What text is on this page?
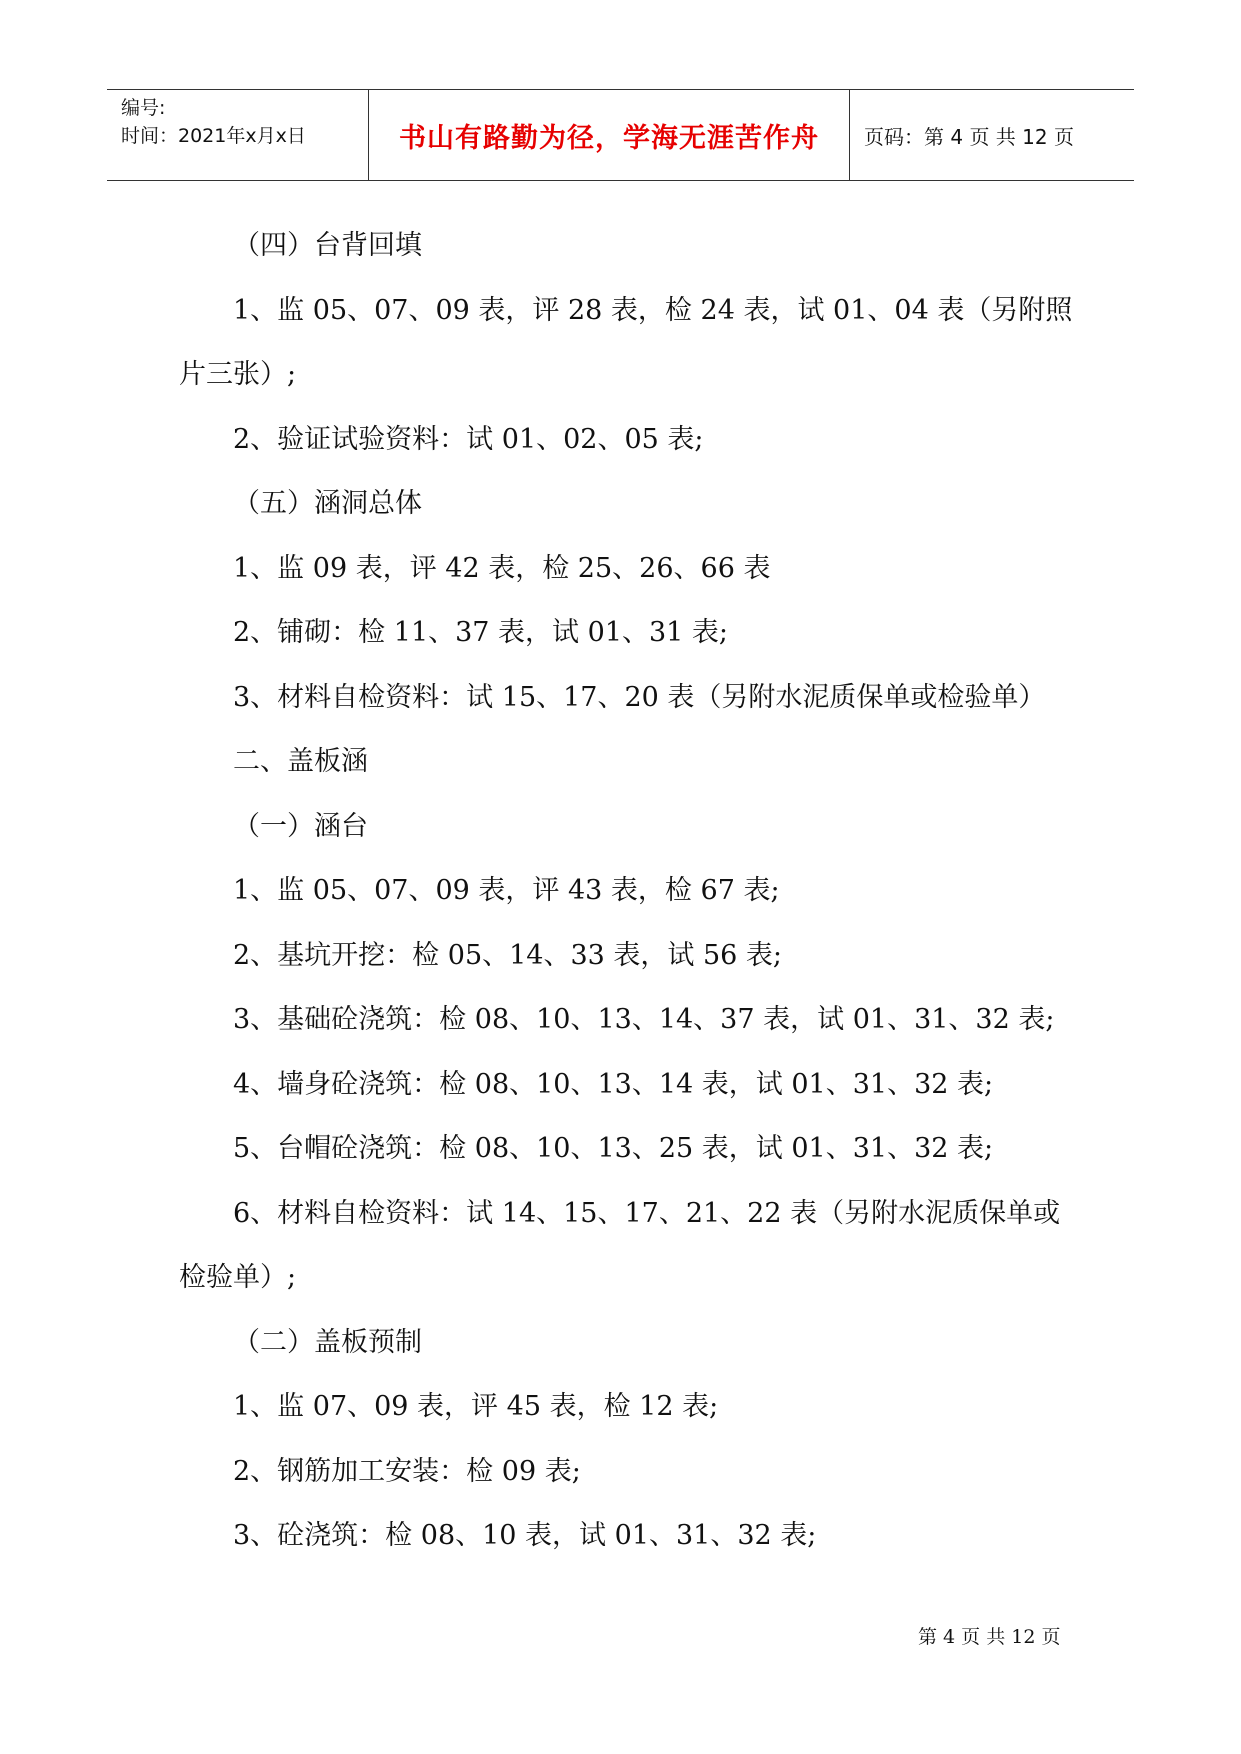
编号:
时间：2021年x月x日	书山有路勤为径，学海无涯苦作舟	页码：第 4 页 共 12 页
（四）台背回填
1、监 05、07、09 表，评 28 表，检 24 表，试 01、04 表（另附照
片三张）;
2、验证试验资料：试 01、02、05 表;
（五）涵洞总体
1、监 09 表，评 42 表，检 25、26、66 表
2、铺砌：检 11、37 表，试 01、31 表;
3、材料自检资料：试 15、17、20 表（另附水泥质保单或检验单）
二、盖板涵
（一）涵台
1、监 05、07、09 表，评 43 表，检 67 表;
2、基坑开挖：检 05、14、33 表，试 56 表;
3、基础砼浇筑：检 08、10、13、14、37 表，试 01、31、32 表;
4、墙身砼浇筑：检 08、10、13、14 表，试 01、31、32 表;
5、台帽砼浇筑：检 08、10、13、25 表，试 01、31、32 表;
6、材料自检资料：试 14、15、17、21、22 表（另附水泥质保单或
检验单）;
（二）盖板预制
1、监 07、09 表，评 45 表，检 12 表;
2、钢筋加工安装：检 09 表;
3、砼浇筑：检 08、10 表，试 01、31、32 表;
第 4 页 共 12 页
